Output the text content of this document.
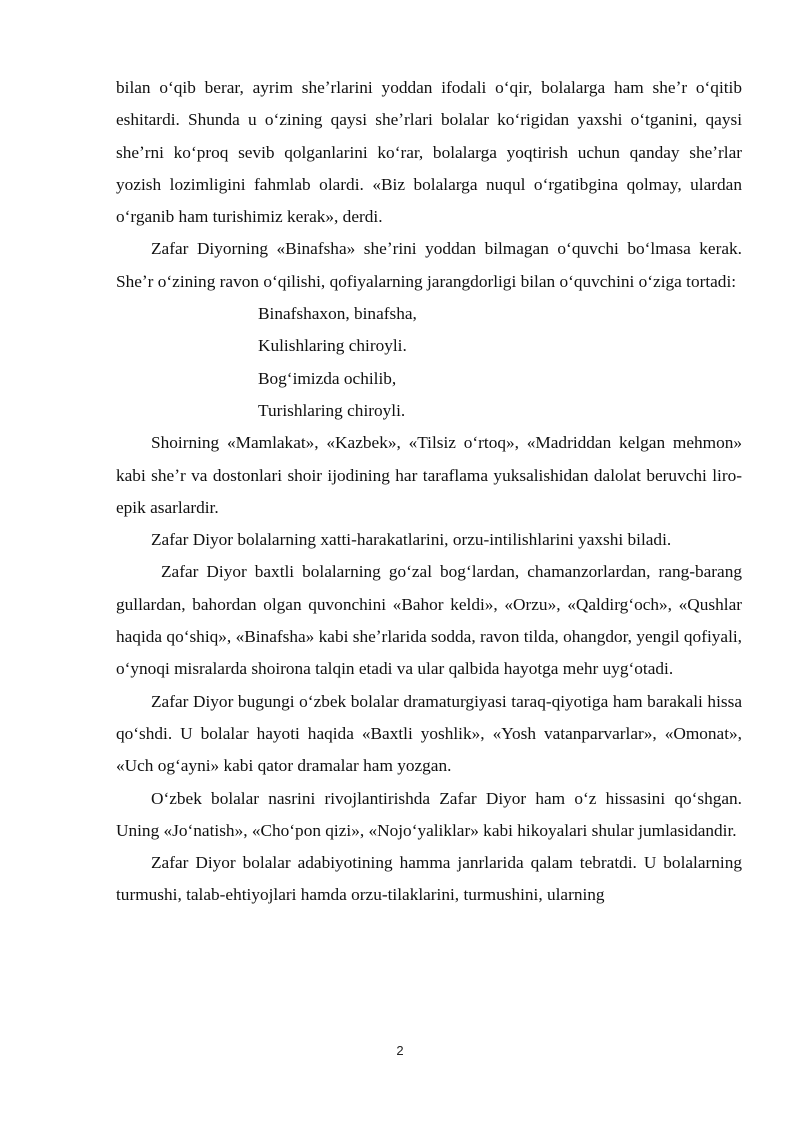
bilan oʻqib berar, ayrim sheʼrlarini yoddan ifodali oʻqir, bolalarga ham sheʼr oʻqitib eshitardi. Shunda u oʻzining qaysi sheʼrlari bolalar koʻrigidan yaxshi oʻtganini, qaysi sheʼrni koʻproq sevib qolganlarini koʻrar, bolalarga yoqtirish uchun qanday sheʼrlar yozish lozimligini fahmlab olardi. «Biz bolalarga nuqul oʻrgatibgina qolmay, ulardan oʻrganib ham turishimiz kerak», derdi.

Zafar Diyorning «Binafsha» sheʼrini yoddan bilmagan oʻquvchi boʻlmasa kerak. Sheʼr oʻzining ravon oʻqilishi, qofiyalarning jarangdorligi bilan oʻquvchini oʻziga tortadi:

Binafshaxon, binafsha,
Kulishlaring chiroyli.
Bogʻimizda ochilib,
Turishlaring chiroyli.

Shoirning «Mamlakat», «Kazbek», «Tilsiz oʻrtoq», «Madriddan kelgan mehmon» kabi sheʼr va dostonlari shoir ijodining har taraflama yuksalishidan dalolat beruvchi liro-epik asarlardir.

Zafar Diyor bolalarning xatti-harakatlarini, orzu-intilishlarini yaxshi biladi.

Zafar Diyor baxtli bolalarning goʻzal bogʻlardan, chamanzorlardan, rang-barang gullardan, bahordan olgan quvonchini «Bahor keldi», «Orzu», «Qaldirgʻoch», «Qushlar haqida qoʻshiq», «Binafsha» kabi sheʼrlarida sodda, ravon tilda, ohangdor, yengil qofiyali, oʻynoqi misralarda shoirona talqin etadi va ular qalbida hayotga mehr uygʻotadi.

Zafar Diyor bugungi oʻzbek bolalar dramaturgiyasi taraq-qiyotiga ham barakali hissa qoʻshdi. U bolalar hayoti haqida «Baxtli yoshlik», «Yosh vatanparvarlar», «Omonat», «Uch ogʻayni» kabi qator dramalar ham yozgan.

Oʻzbek bolalar nasrini rivojlantirishda Zafar Diyor ham oʻz hissasini qoʻshgan. Uning «Joʻnatish», «Choʻpon qizi», «Nojoʻyaliklar» kabi hikoyalari shular jumlasidandir.

Zafar Diyor bolalar adabiyotining hamma janrlarida qalam tebratdi. U bolalarning turmushi, talab-ehtiyojlari hamda orzu-tilaklarini, turmushini, ularning

2
